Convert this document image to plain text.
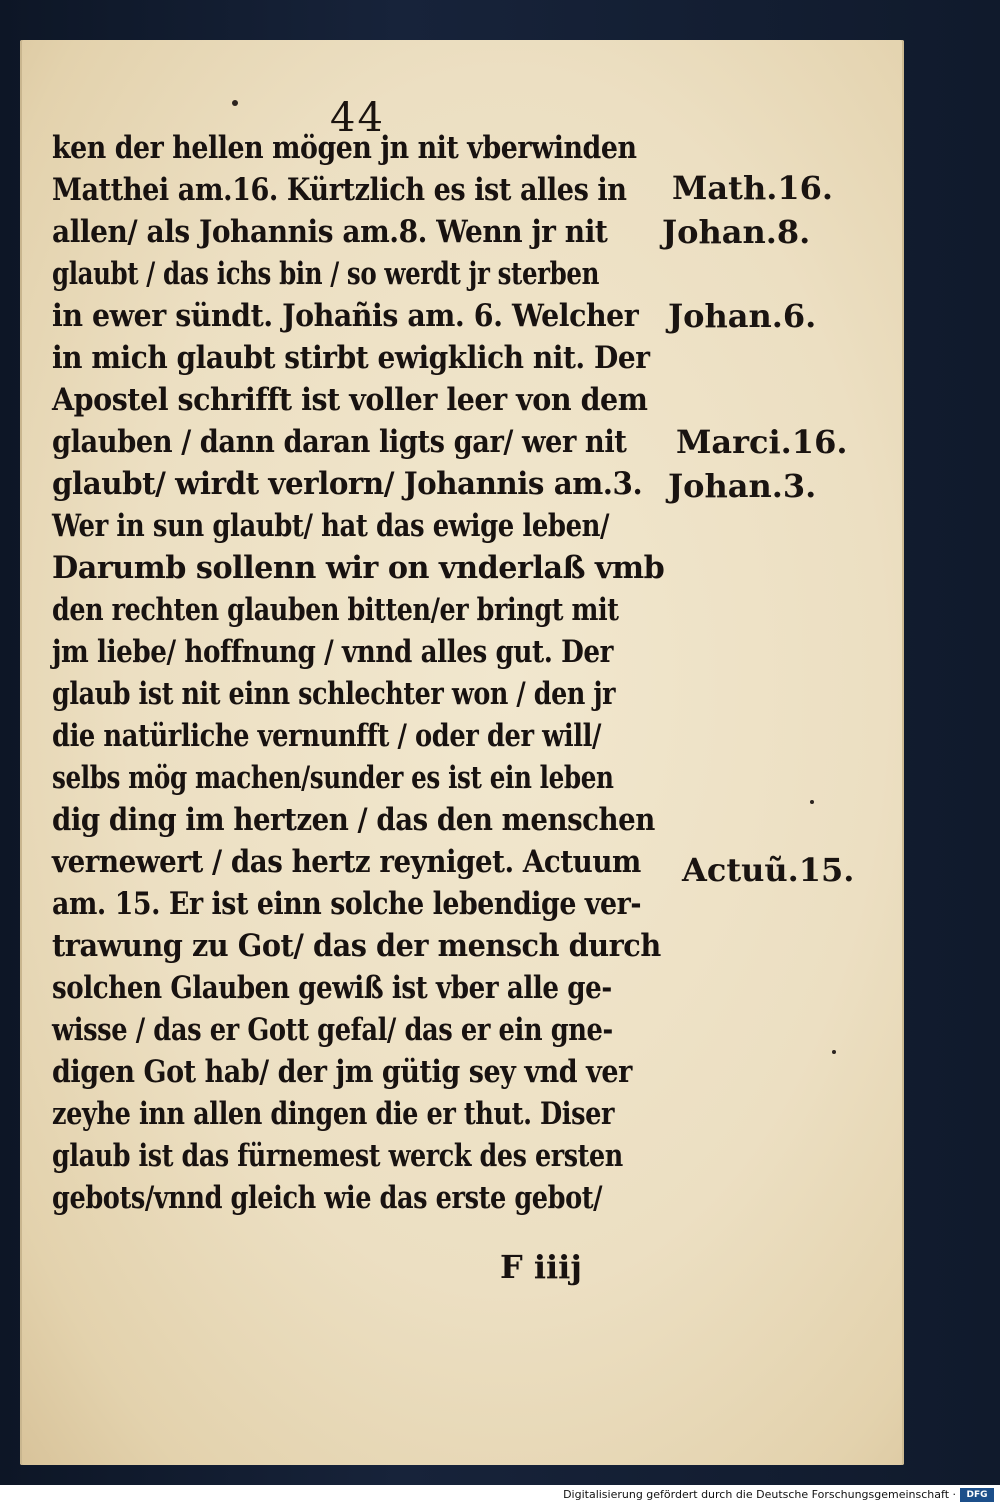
44

ken der hellen mögen jn nit vberwinden
Matthei am.16. Kürtzlich es ist alles in
allen/ als Johannis am.8. Wenn jr nit
glaubt / das ichs bin / so werdt jr sterben
in ewer sündt. Johañis am. 6. Welcher
in mich glaubt stirbt ewigklich nit. Der
Apostel schrifft ist voller leer von dem
glauben / dann daran ligts gar/ wer nit
glaubt/ wirdt verlorn/ Johannis am.3.
Wer in sun glaubt/ hat das ewige leben/
Darumb sollenn wir on vnderlaß vmb
den rechten glauben bitten/er bringt mit
jm liebe/ hoffnung / vnnd alles gut. Der
glaub ist nit einn schlechter won / den jr
die natürliche vernunfft / oder der will/
selbs mög machen/sunder es ist ein leben
dig ding im hertzen / das den menschen
vernewert / das hertz reyniget. Actuum
am. 15. Er ist einn solche lebendige ver-
trawung zu Got/ das der mensch durch
solchen Glauben gewiß ist vber alle ge-
wisse / das er Gott gefal/ das er ein gne-
digen Got hab/ der jm gütig sey vnd ver
zeyhe inn allen dingen die er thut. Diser
glaub ist das fürnemest werck des ersten
gebots/vnnd gleich wie das erste gebot/
Math.16.
Johan.8.
Johan.6.
Marci.16.
Johan.3.
Actuũ.15.
F iiij
Digitalisierung gefördert durch die Deutsche Forschungsgemeinschaft ·	DFG
